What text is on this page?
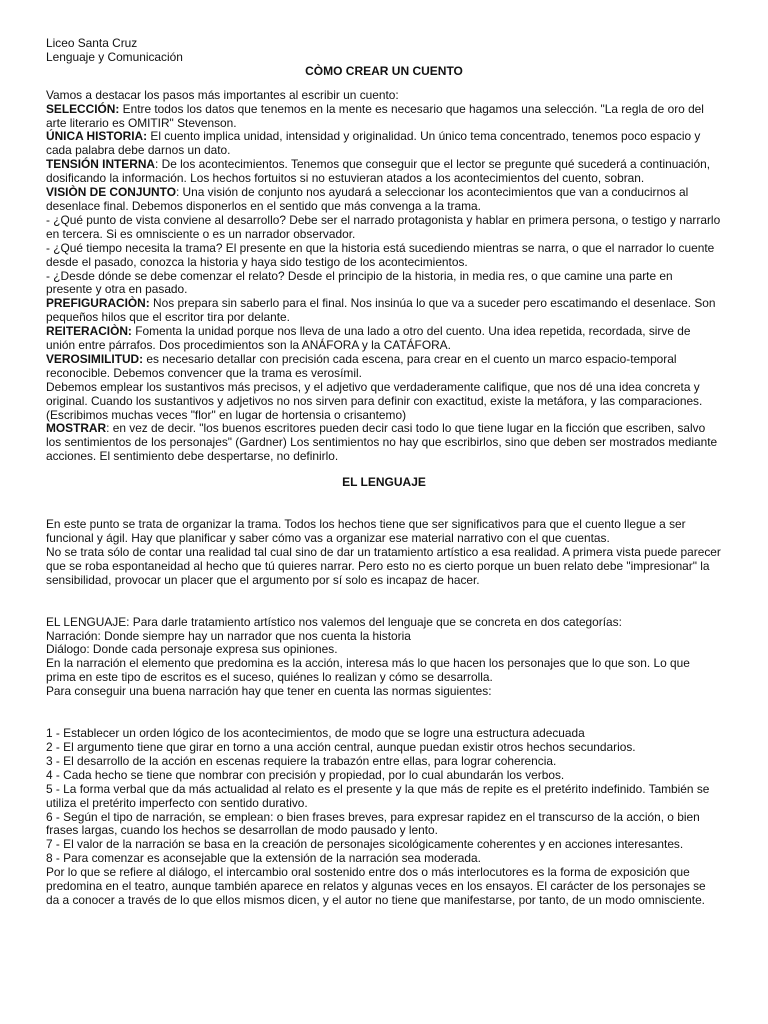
Liceo Santa Cruz

Lenguaje y Comunicación

CÒMO CREAR UN CUENTO

Vamos a destacar los pasos más importantes al escribir un cuento:

SELECCIÓN: Entre todos los datos que tenemos en la mente es necesario que hagamos una selección. "La regla de oro del arte literario es OMITIR" Stevenson.

ÚNICA HISTORIA: El cuento implica unidad, intensidad y originalidad. Un único tema concentrado, tenemos poco espacio y cada palabra debe darnos un dato.

TENSIÓN INTERNA: De los acontecimientos. Tenemos que conseguir que el lector se pregunte qué sucederá a continuación, dosificando la información. Los hechos fortuitos si no estuvieran atados a los acontecimientos del cuento, sobran.

VISIÒN DE CONJUNTO: Una visión de conjunto nos ayudará a seleccionar los acontecimientos que van a conducirnos al desenlace final. Debemos disponerlos en el sentido que más convenga a la trama.

- ¿Qué punto de vista conviene al desarrollo? Debe ser el narrado protagonista y hablar en primera persona, o testigo y narrarlo en tercera. Si es omnisciente o es un narrador observador.

- ¿Qué tiempo necesita la trama? El presente en que la historia está sucediendo mientras se narra, o que el narrador lo cuente desde el pasado, conozca la historia y haya sido testigo de los acontecimientos.

- ¿Desde dónde se debe comenzar el relato? Desde el principio de la historia, in media res, o que camine una parte en presente y otra en pasado.

PREFIGURACIÒN: Nos prepara sin saberlo para el final. Nos insinúa lo que va a suceder pero escatimando el desenlace. Son pequeños hilos que el escritor tira por delante.

REITERACIÒN: Fomenta la unidad porque nos lleva de una lado a otro del cuento. Una idea repetida, recordada, sirve de unión entre párrafos. Dos procedimientos son la ANÁFORA y la CATÁFORA.

VEROSIMILITUD: es necesario detallar con precisión cada escena, para crear en el cuento un marco espacio-temporal reconocible. Debemos convencer que la trama es verosímil.

Debemos emplear los sustantivos más precisos, y el adjetivo que verdaderamente califique, que nos dé una idea concreta y original. Cuando los sustantivos y adjetivos no nos sirven para definir con exactitud, existe la metáfora, y las comparaciones. (Escribimos muchas veces "flor" en lugar de hortensia o crisantemo)

MOSTRAR: en vez de decir. "los buenos escritores pueden decir casi todo lo que tiene lugar en la ficción que escriben, salvo los sentimientos de los personajes" (Gardner) Los sentimientos no hay que escribirlos, sino que deben ser mostrados mediante acciones. El sentimiento debe despertarse, no definirlo.

EL LENGUAJE

En este punto se trata de organizar la trama. Todos los hechos tiene que ser significativos para que el cuento llegue a ser funcional y ágil. Hay que planificar y saber cómo vas a organizar ese material narrativo con el que cuentas.

No se trata sólo de contar una realidad tal cual sino de dar un tratamiento artístico a esa realidad. A primera vista puede parecer que se roba espontaneidad al hecho que tú quieres narrar. Pero esto no es cierto porque un buen relato debe "impresionar" la sensibilidad, provocar un placer que el argumento por sí solo es incapaz de hacer.

EL LENGUAJE: Para darle tratamiento artístico nos valemos del lenguaje que se concreta en dos categorías:

Narración: Donde siempre hay un narrador que nos cuenta la historia

Diálogo: Donde cada personaje expresa sus opiniones.

En la narración el elemento que predomina es la acción, interesa más lo que hacen los personajes que lo que son. Lo que prima en este tipo de escritos es el suceso, quiénes lo realizan y cómo se desarrolla.

Para conseguir una buena narración hay que tener en cuenta las normas siguientes:

1 - Establecer un orden lógico de los acontecimientos, de modo que se logre una estructura adecuada

2 - El argumento tiene que girar en torno a una acción central, aunque puedan existir otros hechos secundarios.

3 - El desarrollo de la acción en escenas requiere la trabazón entre ellas, para lograr coherencia.

4 - Cada hecho se tiene que nombrar con precisión y propiedad, por lo cual abundarán los verbos.

5 - La forma verbal que da más actualidad al relato es el presente y la que más de repite es el pretérito indefinido. También se utiliza el pretérito imperfecto con sentido durativo.

6 - Según el tipo de narración, se emplean: o bien frases breves, para expresar rapidez en el transcurso de la acción, o bien frases largas, cuando los hechos se desarrollan de modo pausado y lento.

7 - El valor de la narración se basa en la creación de personajes sicológicamente coherentes y en acciones interesantes.

8 - Para comenzar es aconsejable que la extensión de la narración sea moderada.

Por lo que se refiere al diálogo, el intercambio oral sostenido entre dos o más interlocutores es la forma de exposición que predomina en el teatro, aunque también aparece en relatos y algunas veces en los ensayos. El carácter de los personajes se da a conocer a través de lo que ellos mismos dicen, y el autor no tiene que manifestarse, por tanto, de un modo omnisciente.
